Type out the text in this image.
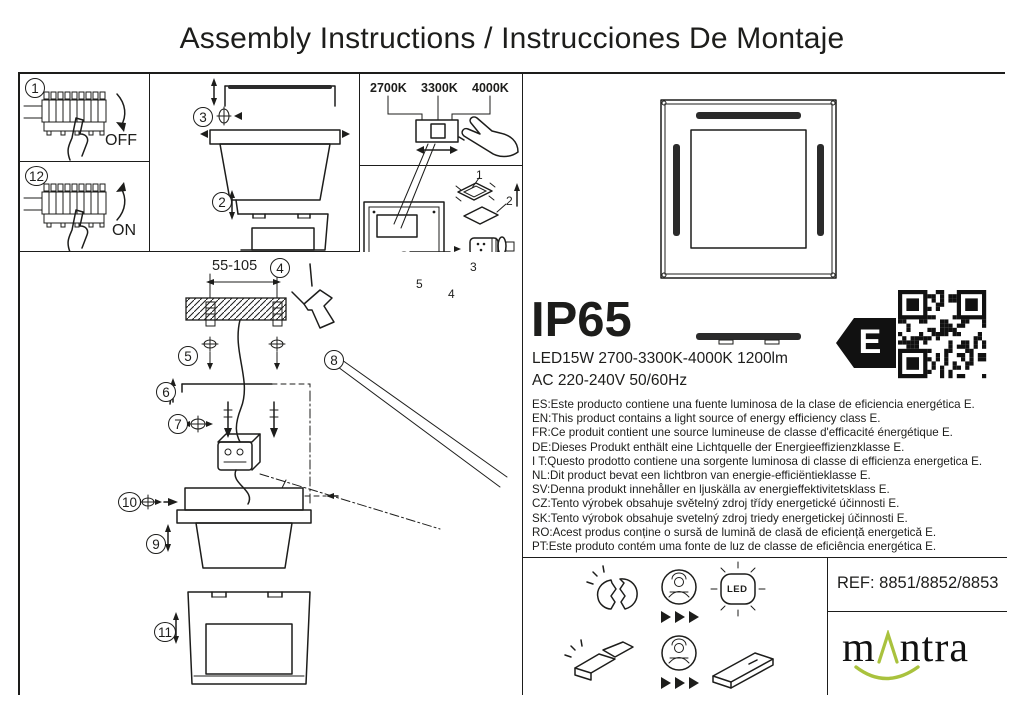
Assembly Instructions / Instrucciones De Montaje
1
OFF
12
ON
3
2
2700K 3300K 4000K
1
2
3
5
4
55-105	4
5
6
7
8
10
9
11
E
IP65
LED15W 2700-3300K-4000K 1200lm
AC 220-240V 50/60Hz
ES:Este producto contiene una fuente luminosa de la clase de eficiencia energética E.
EN:This product contains a light source of energy efficiency class E.
FR:Ce produit contient une source lumineuse de classe d'efficacité énergétique E.
DE:Dieses Produkt enthält eine Lichtquelle der Energieeffizienzklasse E.
I T:Questo prodotto contiene una sorgente luminosa di classe di efficienza energetica E.
NL:Dit product bevat een lichtbron van energie-efficiëntieklasse E.
SV:Denna produkt innehåller en ljuskälla av energieffektivitetsklass E.
CZ:Tento výrobek obsahuje světelný zdroj třídy energetické účinnosti E.
SK:Tento výrobok obsahuje svetelný zdroj triedy energetickej účinnosti E.
RO:Acest produs conține o sursă de lumină de clasă de eficiență energetică E.
PT:Este produto contém uma fonte de luz de classe de eficiência energética E.
LED	REF: 8851/8852/8853
m ntra
